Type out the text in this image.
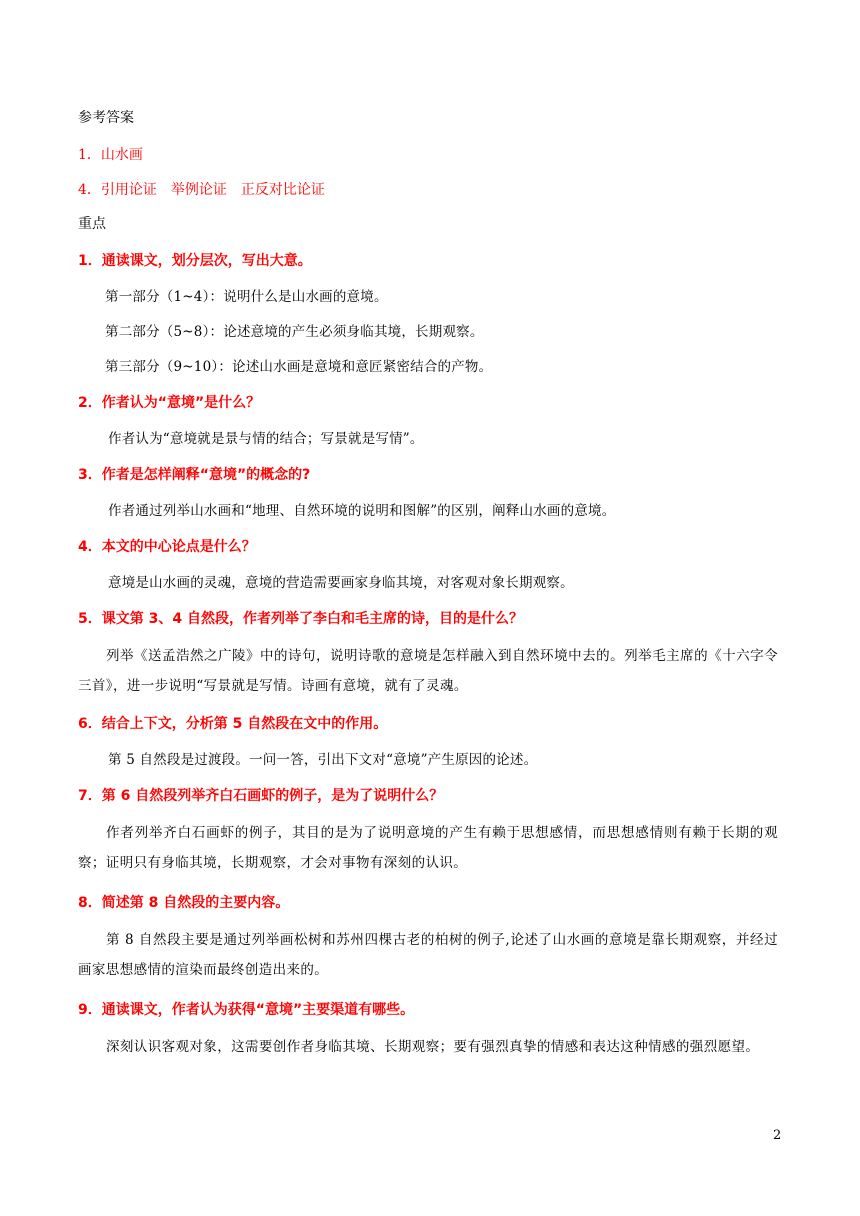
参考答案
1．山水画
4．引用论证　举例论证　正反对比论证
重点
1．通读课文，划分层次，写出大意。
第一部分（1~4）：说明什么是山水画的意境。
第二部分（5~8）：论述意境的产生必须身临其境，长期观察。
第三部分（9~10）：论述山水画是意境和意匠紧密结合的产物。
2．作者认为“意境”是什么？
作者认为“意境就是景与情的结合；写景就是写情”。
3．作者是怎样阐释“意境”的概念的?
作者通过列举山水画和“地理、自然环境的说明和图解”的区别，阐释山水画的意境。
4．本文的中心论点是什么？
意境是山水画的灵魂，意境的营造需要画家身临其境，对客观对象长期观察。
5．课文第 3、4 自然段，作者列举了李白和毛主席的诗，目的是什么？
列举《送孟浩然之广陵》中的诗句，说明诗歌的意境是怎样融入到自然环境中去的。列举毛主席的《十六字令三首》，进一步说明“写景就是写情。诗画有意境，就有了灵魂。
6．结合上下文，分析第 5 自然段在文中的作用。
第 5 自然段是过渡段。一问一答，引出下文对“意境”产生原因的论述。
7．第 6 自然段列举齐白石画虾的例子，是为了说明什么？
作者列举齐白石画虾的例子，其目的是为了说明意境的产生有赖于思想感情，而思想感情则有赖于长期的观察；证明只有身临其境，长期观察，才会对事物有深刻的认识。
8．简述第 8 自然段的主要内容。
第 8 自然段主要是通过列举画松树和苏州四棵古老的柏树的例子,论述了山水画的意境是靠长期观察，并经过画家思想感情的渲染而最终创造出来的。
9．通读课文，作者认为获得“意境”主要渠道有哪些。
深刻认识客观对象，这需要创作者身临其境、长期观察；要有强烈真挚的情感和表达这种情感的强烈愿望。
2
